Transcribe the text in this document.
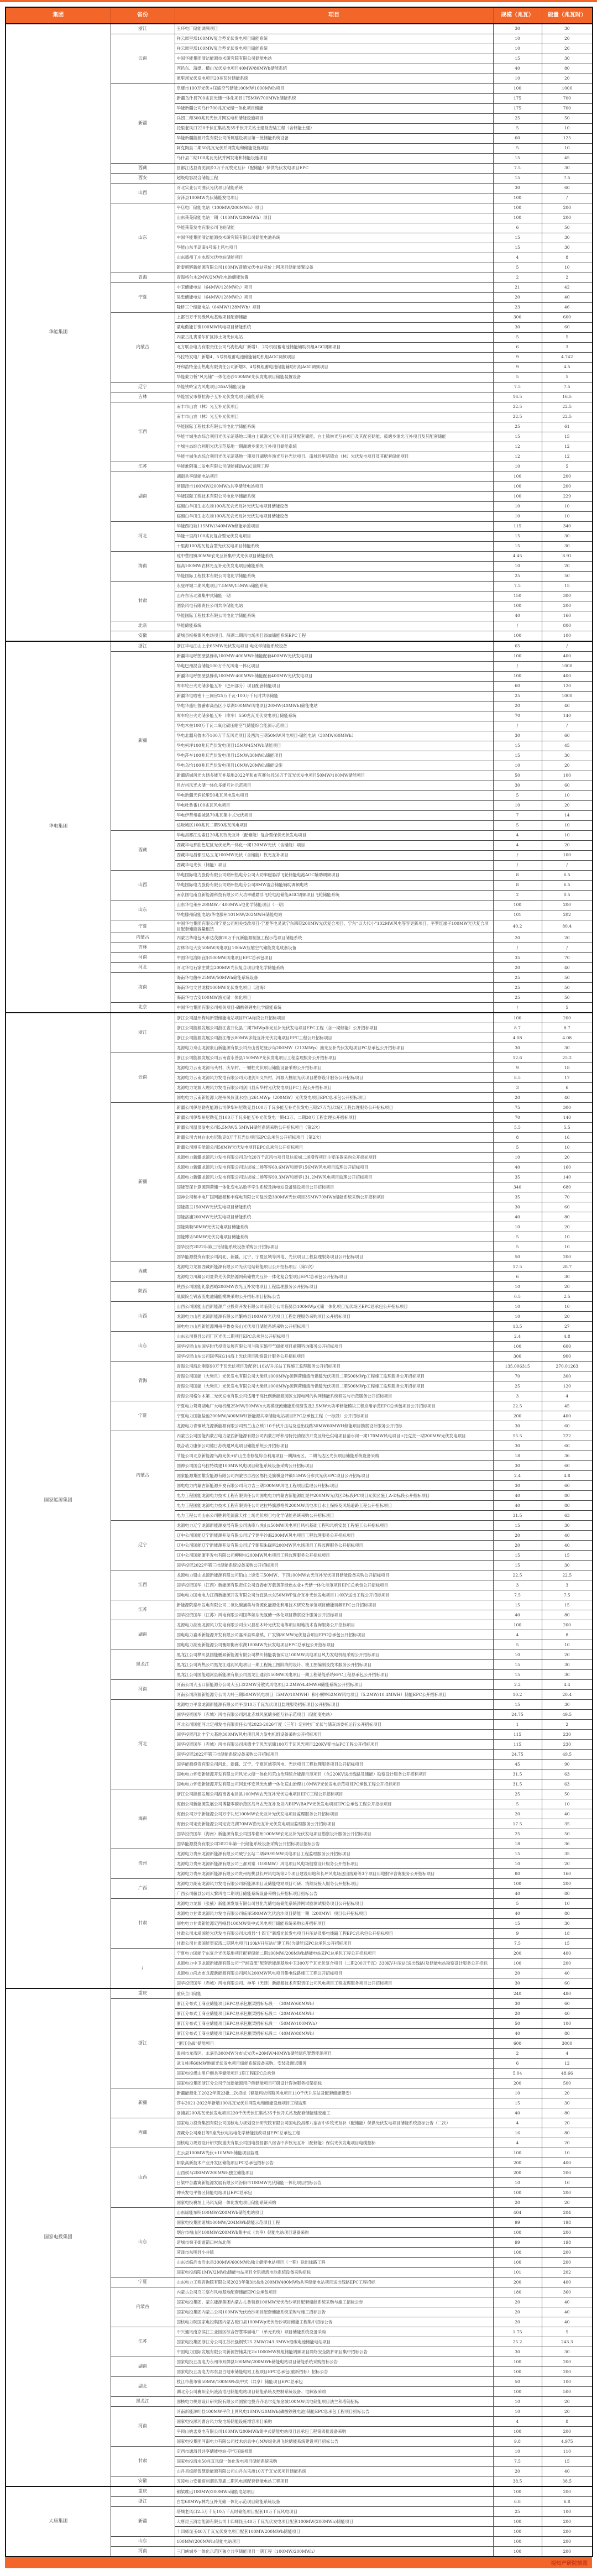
集团	省份	项目	规模（兆瓦）	能量（兆瓦时）
华能集团	浙江	玉环电厂储能调频项目	30	30
	云南	祥云犀里坝100MW复合型光伏发电项目储能系统	10	20
		祥云犀里坝100MW复合型光伏发电项目储能系统	10	20
		中国华能集团清洁能源技术研究院有限公司储能电站	15	30
		西邑东、蒲缥、横山光伏发电项目40MW/80MWh储能系统	40	80
		犀里坝光伏发电项目20兆瓦时储能系统	10	20
	新疆	阜康市100万光伏+压缩空气储能100MW1000MWh项目	100	1000
		新疆乌什县700兆瓦光储一体化项目175MW/700MWh储能系统	175	700
		华能新疆公司乌什700兆瓦光储一体化项目储能	175	700
		兵团二师300兆瓦光伏并网发电和储能设施项目	25	50
		托里老风口220千伏汇集站及35千伏开关站土建及安装工程（含储能土建）	5	10
		华能新疆能源开发有限公司所属建设项目第一批储能系统设备	60	125
		阿克陶县二期50兆瓦光伏并网发电和储能设施项目	5	10
		乌什县二期100兆瓦光伏并网发电和储能设施项目	15	45
	西藏	昌都江达县青泥洞乡3万千瓦牧光互补（配储能）保供光伏发电项目EPC	7.5	30
	西安	超级电容混合储能工程	15	7.5
	山西	河北实业公司曲沃光伏项目储能系统	30	60
		安泽县100MW光伏储能发电项目	100	/
	山东	平店电厂储能电站（100MW/200MWh）项目	100	200
		山东莱芜储能电站一期（100MW/200MWh）项目	100	200
		华能莱芜发电有限公司飞轮储能	6	50
		中国华能集团清洁能源技术研究院有限公司储能电池系统	15	30
		华能山东半岛南4号海上风电项目	15	30
		山东德州丁庄水库光伏电站储能项目	4	8
		新泰朝辉新能源有限公司100MW普通光伏电站竞价上网项目储能装置设备	5	10
	青海	青海格尔木2MW/2MWh电池储能装置	2	2
	宁夏	中卫储能电站（64MW/128MWh）项目	21	42
		吴忠储能电站（64MW/128MWh）项目	20	40
		隆桥三个储能电站（64MW/128MWh）项目	23	46
	内蒙古	上都百万千瓦级风电基地项目配套储能	300	600
		蒙电傲能甘镇100MW风电项目储能系统	30	60
		内蒙古扎赉诺尔矿区排土场光伏电站	5	5
		北方联合电力有限责任公司乌海热电厂新增1、2号机组蓄电池储能辅助机组AGC调频项目	6	3
		乌拉特发电厂新增4、5号机组蓄电池储能辅助机组AGC调频项目	9	4.742
		呼和浩特金山热电有限责任公司新增3、4号机组蓄电池储能辅助机组AGC调频项目	9	4.5
		华能蒙力板“风光储”一体化治沙100MW光伏发电项目储能装置设备	5	5
	辽宁	华能铁岭宝力风电项目35kV储能设备	7.5	7.5
	吉林	华能雷安市蔡拉海子互补光伏发电项目储能系统	16.5	16.5
	江西	南丰市山农（林）光互补光伏项目	22.5	22.5
		南丰市山农（林）光互补光伏项目	22.5	22.5
		华能国际工程技术有限公司电化学储能系统	25	61
		华能丰城生态综合利用光伏示范基地二期白土镇渔光互补项目及其配套储能、白土镇林光互补项目及其配套储能、筱塘乡渔光互补项目及其配套储能	15	15
		丰城生态综合利用光伏示范基地一期湖塘乡渔光互补项目储能系统	12	12
		华能丰城生态综合利用光伏示范基地一期项目湖塘乡渔光互补光伏项目、南城县里塔镇农（林）光伏发电项目及其配套储能项目	12	12
	江苏	华能淮阴第二发电有限公司储能辅助AGC调频工程	10	5
	湖南	湖南共享储能电站项目	100	200
		常德津市100MW/200MWh共享储能电站项目	100	200
		华能国际工程技术有限公司电化学储能系统	100	229
		临湘白羊田生态农场100兆瓦农光互补光伏发电项目储能设备	10	10
		临湘白羊田生态农场100兆瓦农光互补光伏发电项目储能设备	10	10
	河北	华能西柏坡115MW/340MWh储能示范项目	115	340
		华能十里海100兆瓦复合型光伏发电项目	15	30
		十里海100兆瓦复合型光伏发电项目储能系统	15	30
	海南	琼中营根镇30MW农光互补集中式光伏项目储能系统	4.45	8.91
		临高100MW农林光互补光伏发电项目储能系统	10	20
		华能国际工程技术有限公司电化学储能系统	25	50
	甘肃	永登坪城二期风电项目7.5MW/15MWh储能系统	7.5	15
		山丹东乐北滩集中式储能一期	150	300
		酒泉风电有限责任公司共享储能电站	100	200
		华能国际工程技术有限公司电化学储能系统	40	160
	北京	华能储能系统	/	800
	安徽	蒙城县板桥集风电场项目、薛湖二期风电场项目添加储能系统EPC工程	100	100
华电集团	浙江	浙江华电江山上余65MW光伏发电项目-电化学储能系统设备	65	/
	新疆	新疆华电呼图壁县蜂巢100MW-400MWh储能配套400MW光伏发电项目	100	400
		华电巴州混合储能100万千瓦风电一体化项目	/	1000
		新疆华电呼图壁县蜂巢100MW-400MWh储能配套400MW光伏发电项目	100	400
		库车轮台火光储多能互补（巴州部分）项目配套储能项目	60	120
		新疆华电哈密十三间房25万千瓦-100万千瓦时共享储能	25	1000
		华电华盛吐鲁番市高昌区小草湖100MW风电项目20MW(40MWh)储能电站	20	40
		库车轮台火光储多能互补（库车）550兆瓦光伏发电项目储能系统	70	140
		华电木垒100万千瓦二氧化碳压缩空气储能综合能源示范项目	/	/
		华电北疆乌鲁木齐100万千瓦风光项目及西沟三期50MW风电项目-储能电站（30MW/60MWh）	30	60
		华电柯坪100兆瓦光伏发电项目15MW45MWh储能项目	15	45
		华电莎车100兆瓦光伏发电项目15MW/30MWh储能项目	15	30
		华电乌恰100兆瓦光伏发电项目10MW/20MWh储能设施	10	20
		新疆塔城风光火储多能互补基地2022年和布克赛尔县50万千瓦光伏发电项目50MW/100MW储能项目	50	100
		昌吉州风光火储一体化多能互补示范项目	30	60
		华电新疆天润托里50兆瓦风电发电项目	5	10
		华电吐鲁番100兆瓦风电项目	10	20
		华电伊犁州霍城县70兆瓦集中式光伏项目	7	14
		达坂城区100兆瓦二期50兆瓦风电项目	5	10
	西藏	华电昌都江达索日20兆瓦牧光互补（配储能）复合型保供光伏发电项目	4	10
		西藏华电那曲色尼区光伏光热一体化一期120MW光伏（含储能）项目	4	20
		西藏华电昌都江达玉龙100MW光伏（含储能）牧光互补项目	/	100
		西藏华电光伏（储能）项目	/	/
	山西	华电国际电力股份有限公司朔州热电分公司大功率磁悬浮飞轮储能电池AGC辅助调频项目	8	6.5
		华电国际电力股份有限公司朔州热电分公司8MW混合储能辅助调频电站	8	6.5
		南京国电南自新能源科技有限公司大功率磁悬浮飞轮电池储能AGC调频项目飞轮储能系统	2	0.5
	山东	山东华电莱州200MW／400MWh电化学储能项目（一期）	100	200
		华电滕州储能电站/华电滕州101MW/202MWH储能电站	101	202
	宁夏	中国华电集团有限公司宁夏公司相关技改项目-宁夏华电灵武宁东四期200MW光伏复合项目、宁东“以大代小”102MW风电等容更新项目、平罗红崖子100MW光伏复合项目配套储能容量租赁	40.2	80.4
	内蒙古	内蒙古华电包头市达茂旗20万千瓦新能源制氢工程示范项目储能系统	20	20
	吉林	吉林华电大安50MW风电项目100kW压缩空气储能发电成套设备	/	/
	河南	中国华电洛阳宜阳100MW风电项目EPC总承包项目	35	70
	河北	河北华电石家庄赞皇200MW光伏复合项目电化学储能系统	20	40
	海南	海南华电儋州25MW/50MWh储能系统设备	25	50
		海南华电文昌龙楼100MW光伏发电项目（沿海）	25	50
		海南华电吉安100MW渔光储一体化项目	25	50
	北京	中国华电集团有限公司相关项目-磷酸铁锂电化学储能系统	/	5
国家能源集团	浙江	浙江公司温州梅屿新型储能电站项目PCA标段公开招标项目	100	200
		浙江公司能源发展公司浙江省开化县二期7MWp林光互补光伏发电项目EPC工程（含一期储能）公开招标项目	8.7	8.7
		浙江公司能源发展公司浙江缙云80MW多能互补光伏发电项目EPC工程公开招标项目	4.08	4.08
		龙源电力舟山龙源象山新能源有限公司舟山普陀登步岛200MW（213MWp）渔光互补光伏发电项目PC总承包公开招标项目	30	30
	云南	浙江公司能源发展公司云南省永善县150MWP光伏发电项目工程监理服务公开招标项目	12.6	25.2
		龙源电力云南龙源乌头村、庆华村、一颗桩光伏项目储能设备采购公开招标项目	9	18
		龙源电力云南龙源风力发电有限公司大理剑川义兴村、洱源大栅屋光伏项目勘察设计服务公开招标项目	8.5	17
		龙源电力龙源大理风力发电有限公司剑川县庆华村光伏发电项目PC工程公开招标项目	3	6
		国电电力云南新能源大理州凤仪漾水拉山261MWp（200MW）光伏发电项目EPC总承包公开招标项目	20	40
	新疆	新疆公司伊尼勒克能源公司伊犁州尼勒克县100万千瓦多能互补光伏发电三期27万光伏场区工程监理服务公开招标项目	75	300
		新疆公司伊犁州尼勒克县100万千瓦多能互补光伏发电一期43万、二期30万工程监理公开招标项目	70	140
		新疆公司温泉发电公司5.5MW/5.5MWH储能系统采购公开招标项目（第2次）	5.5	5.5
		新疆公司吉林台水电尼勒克8万千瓦光伏项目EPC总承包公开招标项目（第2次）	8	16
		新疆公司博乐能源公司50MW光伏发电项目EPC总承包公开招标项目	5	10
		龙源电力新疆龙源风力发电有限公司乌恰20万千瓦风电项目及达坂城二场增容项目主变压器采购公开招标项目	10	20
		龙源电力新疆龙源风力发电有限公司达坂城二场等容60.6MW和增容156MW风电项目监理公开招标项目	40	160
		龙源电力新疆龙源风力发电有限公司达坂城二场等容90.3MW和增容131.2MW风电项目监理公开招标项目	35	140
		国能智深计算源网荷储一体化变电站数字孪生系统及换电站设备建设项目公开招标项目	340	680
		国神公司和丰电厂国网能源和丰煤电有限公司复改造300MW光伏项目35MW70MWh储能系统采购公开招标项目	35	70
		国能墨玉150MW光伏发电项目储能系统	30	60
		国能洛浦200MW光伏发电项目储能系统	40	80
		国能策勒50MW光伏发电项目储能系统	10	20
		国能博乐50MW光伏发电项目储能系统	5	10
		国华投资2022年第三批储能系统设备采购公开招标项目	5	10
		国华能源投资有限公司河北、新疆、辽宁、宁夏区域等风电、光伏项目工程监理服务项目公开招标项目	50	200
	西藏	龙源电力龙源西藏新能源有限公司光伏电站储能项目公开招标项目（第2次）	17.5	28.7
		龙源电力川藏公司夏荣光伏供热源网荷储牧光互补一体化复合型项目EPC总承包公开招标项目	6	30
	陕西	陕西公司国能礼泉西峪200MW农光互补发电项目工程监理服务公开招标项目	10	20
		低碳院全钒液流电池储能模块采购公开招标项目招标公告	0.5	2.5
	山西	山西公司国能山西新能源产业投资开发有限公司临猗分公司临猗县100MWp光储一体化项目光伏场区EPC总承包公开招标项目	10	10
		龙源电力山西龙源新能源有限公司繁峙县100MW光伏项目工程监理服务采购项目公开招标项目	10	20
		国电电力山西新能源朔州平鲁皮夹山光伏项目储能系统采购公开招标项目	13.5	27
	山东	山东公司费县公司厂区光伏二期项目EPC总承包公开招标项目	2.4	4.8
		国华投资山东国华时代投资发展有限公司兰陵压缩空气储能项目前期咨询服务公开招标项目	100	600
		国华投资山东公司国华HG14海上光伏项目勘察设计服务公开招标项目	300	900
	青海	青海公司海北刚察90万千瓦光伏项目及配套110kV升压站工程施工监理服务公开招标项目	135.006315	270.01263
		青海公司国能（大柴旦）光伏发电有限公司大柴旦1000MWp源网荷储清洁供暖光伏项目二期500MWp工程施工监理服务公开招标项目	70	300
		青海公司国能（大柴旦）光伏发电有限公司大柴旦1000MWp源网荷储清洁供暖光伏项目二期500MWp工程施工监理服务公开招标项目	25	120
		青海公司格尔木第二光伏发电有限公司适用于高比例新能源园区支撑电网的构网储能系统研发与示范服务公开招标项目	3	4
	宁夏	宁夏电力鸳鸯湖电厂大电机组25MW/50MWh大规模液流储能系统研发及2.5MW大功率储能模块工程应用示范EPC总承包项目公开招标项目	22.5	45
		宁夏电力国能盐池200MW/400MWH新能源共享储能电站项目EPC总承包工程（一标段）公开招标项目	200	400
		龙源电力青铜峡龙源新能源有限公司贺兰山立琐110千伏升压站及送出线路30MW60MWH储能项目勘察设计服务公开招标	30	60
	内蒙古	内蒙古公司国能内蒙古电力蒙西新能源有限公司内蒙古呼和浩特托清经济开发区绿色供电项目清水河一期170MW风电项目+托克托一期200MW光伏发电项目	55.5	222
		联合动力康保公司德日苏统建风电项目储能系统公开招标项目	30	60
		节能公司北京新能源乌海光伏+矿山生态修复综合利用项目一期海南区、二期乌达区光伏项目储能系统设备采购	18	36
		国神公司国合乌拉特续建100MW风电项目储能系统设备采购公开招标项目	30	60
		国家能源集团雄安能源有限公司内蒙古自治区鄂托克旗棋盘井镇15MW分布式光伏EPC项目公开招标项目	2.4	4.8
		国电电力内蒙古新能源开发有限公司乌力吉三期100MW风电工程项目监理公开招标项目	30	60
		电力工程国能龙源电力技术工程有限责任公司国电电力内蒙古新能源红泥井200MW光伏区D标段PC项目光伏区施工A-D标段公开招标项目	40	80
		电力工程国能龙源电力技术工程有限责任公司达拉特旗恩格贝200MW风电项目水土保持及风场道路工程公开招标项目	40	80
		电力工程公司山东公司胜利能源露天排土场光伏项目电化学储能系统采购公开招标项目	31.5	63
	辽宁	龙源电力辽宁龙源新能源发展有限公司法库八虎山150MW风电项目风机基础工程和风机安装工程施工公开招标项目	15	30
		辽中公司国能辽宁新能源开发有限公司辽宁建平沙海200MW风电项目工程监理服务公开招标项目	20	40
		辽中公司国能辽宁新能源开发有限公司辽宁朝阳朱碌科200MW风电场项目工程监理服务公开招标项目	20	40
		辽中公司国能康平发电有限公司柳树屯200MW风电项目工程监理服务公开招标项目	15	15
		国华投资2022年第三批储能系统设备采购公开招标项目	15	30
	江西	龙源电力铅山龙源新能源有限公司铅山上饶安三50MW、下四100MW农光互补光伏项目储能设备采购公开招标项目	22.5	22.5
		国华投资国华（江西）新能源有限责任公司宜春市万载黄茅绿色农业+光储一体化示范项目EPC总承包公开招标项目	3	3
		国电电力国电电力江西新能源开发有限公司分宜县水东50MWP复合互补光伏发电项目110KV送出工程公开招标项目	7.5	7.5
	江苏	新能源院泰州发电有限公司二氧化碳捕集与资源化能源化利用技术研究及示范项目储能调频EPC公开招标项目	15	15
		国华投资国华（江苏）风电有限公司国华如东光氢储一体化项目勘察设计服务公开招标项目	40	80
	湖南	龙源电力湖南龙源风力发电有限公司永兴县柏木岭光伏发电等项目用地技术咨询服务公开招标项目	100	200
		国电电力嘉禾新能源开发有限公司嘉禾县珠泉镇、广发镇80MW光伏复合项目EPC总承包公开招标项目	4	8
		国电电力湖南新能源公司衡阳衡南东湖100MW光伏发电项目EPC总承包公开招标项目	5	10
	黑龙江	黑龙江公司桦川县国能鹏昇新能源有限公司桦川储能装备实证100MW风电项目风力发电机组采购公开招标项目	10	20
		黑龙江公司鸡热公司黑龙江通河风电项目一期工程施工图阶段的设计、竣工图编制及技术服务公开招标项目	15	30
		黑龙江公司国能通河县新能源有限公司黑龙江通河150MW风电项目一期工程储能系统EPC工程总承包公开招标项目	15	30
	河南	河南公司大玉口新能源分公司大玉口22MW分散式风电项目2.2MW/4.4MWH储能系统公开招标项目	2.2	4.4
		河南公司济源新能源分公司大岭三期50MW风电项目（5MW/10MWH）和小横岭52MW风电项目（5.2MW/10.4MWH）储能EPC公开招标项目	10.2	20.4
	河北	龙源电力平泉龙源新能源有限公司平泉10万千瓦光伏项目监理服务招标项目公开招标项目	15	30
		国华投资国华（赤城）风电有限公司河北赤城风氢储多能互补示范项目（储能变电站）	24.75	49.5
		河北公司国能河北定州发电有限责任公司2023-2026年度（三年）定州电厂光伏与储灰场委托运行公开招标项目	1	2
		国华投资河北丰宁大基地300MW风电项目风力发电机组设备采购公开招标项目	115	230
		国华投资国华（赤城）风电有限公司承德丰宁风光氢储100万千瓦风光项目220KV变电站PC工程公开招标项目	115	230
		国华投资2022年第三批储能系统设备采购公开招标项目	24.75	49.5
		国华能源投资有限公司河北、新疆、辽宁、宁夏区域等风电、光伏项目工程监理服务项目公开招标项目	45	90
		国电电力怀安新能源开发有限公司风光火储一体化和荒山治理综合能源示范项目（含220KV送出线路及储能）勘察设计服务公开招标项目	31.5	63
		国电电力怀安新能源开发有限公司河北怀安风光火储一体化荒山治理110MWP光伏发电示范项目PC承包工程公开招标项目	31.5	63
	海南	浙江公司能源发展公司海南省屯昌县100MW农光互补光伏发电项目EPC工程公开招标项目	25	50
		海南公司新能源发展公司博鳌零碳示范区岛外农光互补及岛内BIPV/BAPV光伏发电项目EPC总承包工程公开招标项目	5	10
		海南公司万宁新能源公司万宁礼纪100MW农光互补光伏发电项目监理服务公开招标项目	20	40
		海南公司定安新能源公司定安龙湖70MW渔光互补光伏发电项目监理服务公开招标项目	17.5	35
		国华投资国华（海南）新能源有限公司国华儋州100MW农光互补光伏发电项目勘察设计服务公开招标项目	25	50
		国华能源投资有限公司2022年第一批储能系统设备采购公开招标项目招标公告	18	36
	贵州	龙源电力贵州龙源新能源有限公司威宁幺站二期49.95MW风电项目工程监理服务公开招标项目	15	35
		龙源电力贵州龙源新能源有限公司三都双寨（100MW）风电项目风电场勘察设计服务公开招标项目	10	20
		龙源电力贵州龙源新能源有限公司贵州松桃县长坪风电场等2个项目建设用地和长坪风电场送出线路等3个项目用地报审咨询服务公开招标项目	80	160
	广西	龙源电力湖南龙源风力发电有限公司新能源项目及储能电站项目可研、消纳及接入服务公开招标项目	100	200
		广西公司藤县公司大黎风电二期项目储能系统设备采购公开招标项目招标公告	40	80
	甘肃	龙源电力龙源（张掖）新能源发展有限公司甘化光储电站储能系统涉网试验测试服务项目公开招标项目	5	10
		龙源电力甘肃龙源风力发电有限公司临泽500MW光伏治沙项目储能一期（200MW）项目公开招标项目	40	80
		国电电力甘肃新能源定西岷县100MW集中式风电项目储能系统采购公开招标项目	15	30
		甘肃公司永靖国能光伏发电有限公司永靖县“十四五”新增光伏发电项目升压站及集电线路工程EPC总承包公开招标项目	9	18
		甘肃公司甘肃国能贺家湾二期风电项目110kV升压站扩建工程(含储能)EPC总承包公开招标项目	7.5	15
	/	宁夏电力国能宁东复合光伏基地项目配套储能二期100MW/200MWh储能电站EPC总承包工程公开招标项目	200	400
		龙源电力中卫龙源新能源有限公司“宁湘直流”配套新能源基地中卫300万千瓦光伏复合项目（二期200万千瓦）330KV升压站(送出线路)及储能电站勘察设计服务公开招标	100	200
		龙源电力尚志市龙源新能源有限公司河东200MW风电项目集电线路施工工程公开招标项目	20	40
		国华投资国华（赤城）风电有限公司、神华（天津）新能源技术有限责任公司风电项目工程监理服务项目公开招标项目	30	60
国家电投集团	重庆	重庆合川储能	240	480
	浙江	浙江分布式工商业储能项目EPC总承包框架招标标段一（30MW/60MWh）	30	60
		浙江分布式工商业储能项目EPC总承包框架招标标段二（20MW/40MWh）	20	40
		浙江分布式工商业储能项目EPC总承包框架招标标段一（50MW/100MWh）	50	100
		浙江分布式工商业储能项目EPC总承包框架招标标段二（40MW/80MWh）	40	80
		“浙江会战”储能项目	600	3000
		温州市龙湾区、永嘉县300MW分布式光伏+20MW/40MWh储能绿色智慧能源项目	2	4
		武义桃溪60MW地面光伏发电项目储能系统设备采购、安装及调试服务	6	12
		国家电投煤山用户侧共享储能项目1期工程EPC总承包	5.04	48.66
		国家电投集团浙江分公司宁波新能源用户侧储能项目可研设计咨询服务框架招标	200	500
	新疆	新疆能源化工2022年第23批二次招标（额敏玛依塔斯风电项目110千伏升压站及配套储能建安）	10	20
		莎车2021-2022年新增100兆瓦光伏并网发电和储能设施项目工程监理	15	30
		洛浦县200兆瓦光伏发电项目220千伏光伏汇集站35千伏开关站及配套储能建安施工	40	80
	西藏	国家电力投资集团有限公司国核电力规划设计研究院有限公司国电投昌都八宿吉中乡牧光互补（配储能）保供光伏发电项目储能系统招标公告（二次）	4	20
		西藏分公司桑日等5座光伏电站电化学储能技改项目EPC总承包工程	16	80
		国核电力规划设计研究院重庆有限公司国电投昌都八宿吉中乡牧光互补（配储能）保供光伏发电项目电缆招标	4	20
	山西	左云县100MW光伏+10MWh储能项目监理	100	10
		阳泉高新技术产业开发区储能项目PC总承包招标公告	200	400
		山西侯马200MW200MWh独立储能项目	200	200
		吕梁中合鑫寓新能源发展有限公司汾阳市100MW光伏储能一体化项目招标公告	10	10
		神头发电平鲁区储能电站项目EPC总承包	100	200
		国家电投襄垣上马风光储一体化发电项目储能系统采购	20	20
	山东	山东绿能东明100MW/200MWh储能电站项目	404	204
		国家电投集团诸城100MW/204MWh储能示范项目工程	99	198
		烟台市福山区100MW/200MWh集中式（共享）储能电站项目设备采购	100	200
		诸城市舜王街道箭口村东北侧	99	198
		菏泽市东明县小井镇	100	200
		山东省临沂市沂水县300MW/600MWh独立储能电站项目（一期）送出线路工程	100	200
		国家电投海阳1MW/2MWh储能电站项目全钒液流电池系统设备采购招标	101	202
	宁夏	山东电力工程咨询院有限公司2023年第3批盐池200MW400MWh共享储能电站项目送出线路EPC工程招标	200	400
	内蒙古	内蒙古公司乌兰察布风电基地配套储能EPC总承包项目	180	360
		国家电投集团、蒙东能源集团内蒙古扎鲁特旗100MW光伏治沙项目配套储能系统采购与施工招标公告	20	40
		国家电投集团内蒙古公司100MW光伏治沙项目配套储能系统采购与施工招标公告	20	40
		国核电力院国家电投集团内蒙古磴口县100MWp光伏治沙项目储能工程集中招标公告	20	40
	江苏	中兴通讯南京滨江工业园区综合智慧零碳电厂（单元系统）项目储能系统设备采购	1.75	5
		国家电投集团浙江分公司江苏长强钢铁25.2MW/243.3MWh铅碳电池储能电站项目	25.2	243.3
		中国电力国际发展有限公司新源智储某托2×1000MW机组储能调频项目网络安全防护项目集中招标公告	30	30
	湖南	国家电投五凌电力永州市双牌县100MW/200MWh储能电站项目储能系统采购招标公告	100	200
		国家电投五凌电力祁东县白地市储能电站工程项目EPC总承包(重新招标）招标公告	100	200
	湖北	枝江市董市镇50MW/100MWh集中式（共享）储能项目EPC总承包	50	100
		湖北分公司襄阳全钒液流电池储能电站项目储能系统及控制系统设备、电解液采购	100	500
	黑龙江	国核电力规划设计研究院有限公司国家电投齐齐哈尔克东金城100MW风电储能项目法兰和塔筒招标	10	20
	河南	河南新能源叶县100MW平价上网风电10MW/20MWh(磷酸铁锂电池)储能EPC总承包工程项目招标公告	10	20
		国家电投漯河曹台风力发电场储能设施增容项目采购	4	8
		平顶山姚孟发电有限公司100MW/200MWh集中式储能电站项目总承包工程第四批设备采购	100	200
		国家电投集团河南电力有限公司技术信息中心MW级先进飞轮储能系统建设项目招标公告	9.8	4.975
	甘肃	定西市通渭县共享储能电站-空气压缩机组	10	110
		国家电投清水50兆瓦风储一体化发电项目储能系统采购	7.5	15
		山丹县综能智慧新能源有限公司山丹东乐滩10万千瓦光伏项目储能系统	20	40
	安徽	五凌电力安徽宿州泗县草庙二期风电场配套储能电站工程项目	38.5	38.5
大唐集团	重庆	铜梁维远100MW/200MWh储能电站项目	100	200
	浙江	白岩68MWp林光互补光储一体化示范项目储能系统设备	6.8	6.8
	新疆	塔城老风口2.5万千瓦10万千瓦时储能项目配套10万千瓦风电项目	25	100
		大唐昆玉清洁能源有限公司十四师昆玉40万千瓦光伏发电项目配套100MW(200MWh)储能项目	100	200
		十四师昆玉40万千瓦光伏发电项目配套100MW200MWh储能项目	100	200
	山东	100MW(200MWh)储能电站项目	100	200
	河南	三门峡城乡一体化示范区独立共享储能项目一期工程（100MW/200MWh）	100	200
视知产研院制图
